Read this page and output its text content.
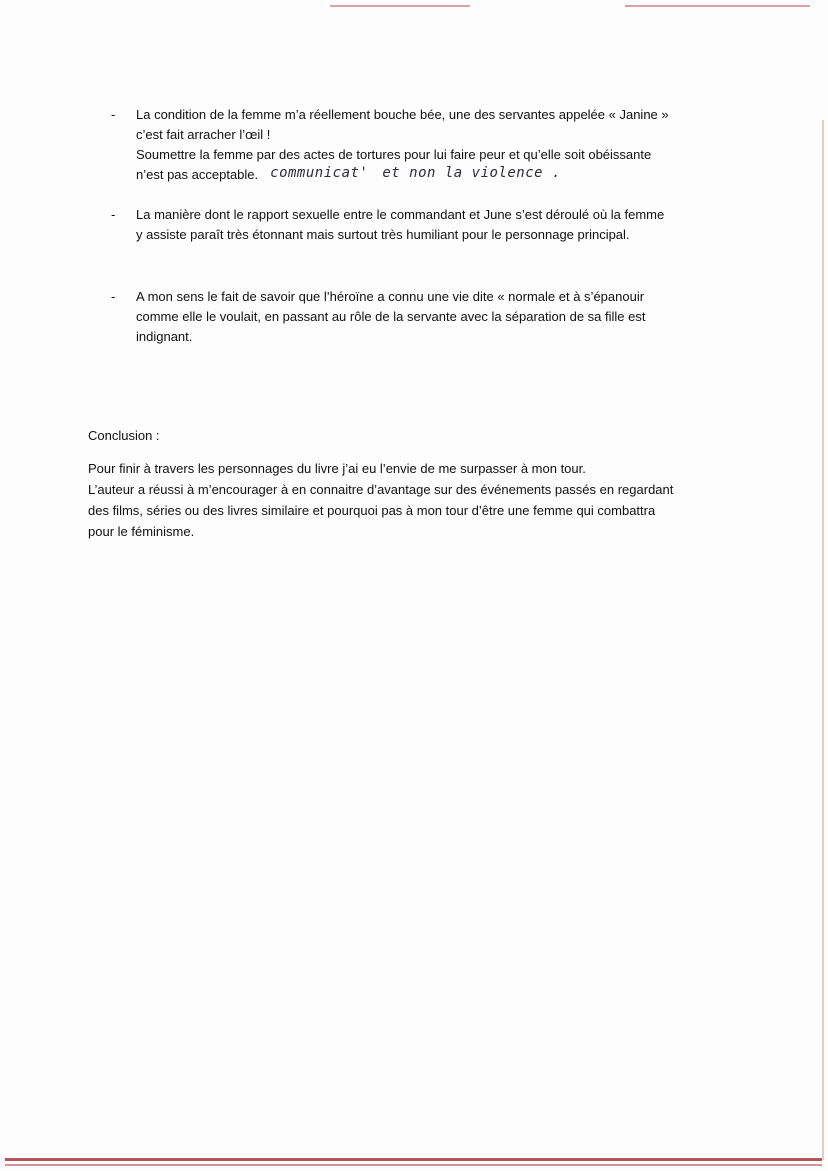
- La condition de la femme m’a réellement bouche bée, une des servantes appelée « Janine »
c’est fait arracher l’œil !
Soumettre la femme par des actes de tortures pour lui faire peur et qu’elle soit obéissante
n’est pas acceptable. communicat' et non la violence .

- La manière dont le rapport sexuelle entre le commandant et June s’est déroulé où la femme
y assiste paraît très étonnant mais surtout très humiliant pour le personnage principal.

- A mon sens le fait de savoir que l’héroïne a connu une vie dite « normale et à s’épanouir
comme elle le voulait, en passant au rôle de la servante avec la séparation de sa fille est
indignant.

Conclusion :

Pour finir à travers les personnages du livre j’ai eu l’envie de me surpasser à mon tour.
L’auteur a réussi à m’encourager à en connaitre d’avantage sur des événements passés en regardant
des films, séries ou des livres similaire et pourquoi pas à mon tour d’être une femme qui combattra
pour le féminisme.
